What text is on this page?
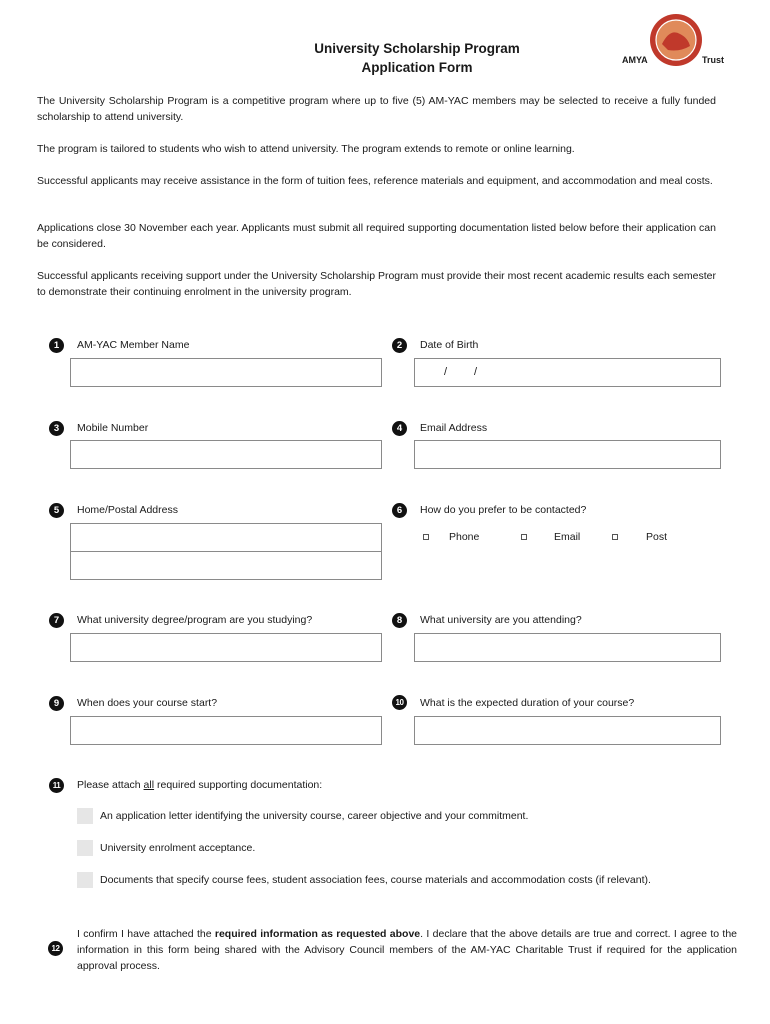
University Scholarship Program
Application Form	AMYA	Trust
The University Scholarship Program is a competitive program where up to five (5) AM-YAC members may be selected to receive a fully funded scholarship to attend university.
The program is tailored to students who wish to attend university. The program extends to remote or online learning.
Successful applicants may receive assistance in the form of tuition fees, reference materials and equipment, and accommodation and meal costs.
Applications close 30 November each year. Applicants must submit all required supporting documentation listed below before their application can be considered.
Successful applicants receiving support under the University Scholarship Program must provide their most recent academic results each semester to demonstrate their continuing enrolment in the university program.
1	AM-YAC Member Name	2	Date of Birth
/ /
3	Mobile Number	4	Email Address
5	Home/Postal Address	6	How do you prefer to be contacted?
Phone	Email	Post
7	What university degree/program are you studying?	8	What university are you attending?
9	When does your course start?	10	What is the expected duration of your course?
11	Please attach all required supporting documentation:
An application letter identifying the university course, career objective and your commitment.
University enrolment acceptance.
Documents that specify course fees, student association fees, course materials and accommodation costs (if relevant).
12
I confirm I have attached the required information as requested above. I declare that the above details are true and correct. I agree to the information in this form being shared with the Advisory Council members of the AM-YAC Charitable Trust if required for the application approval process.
